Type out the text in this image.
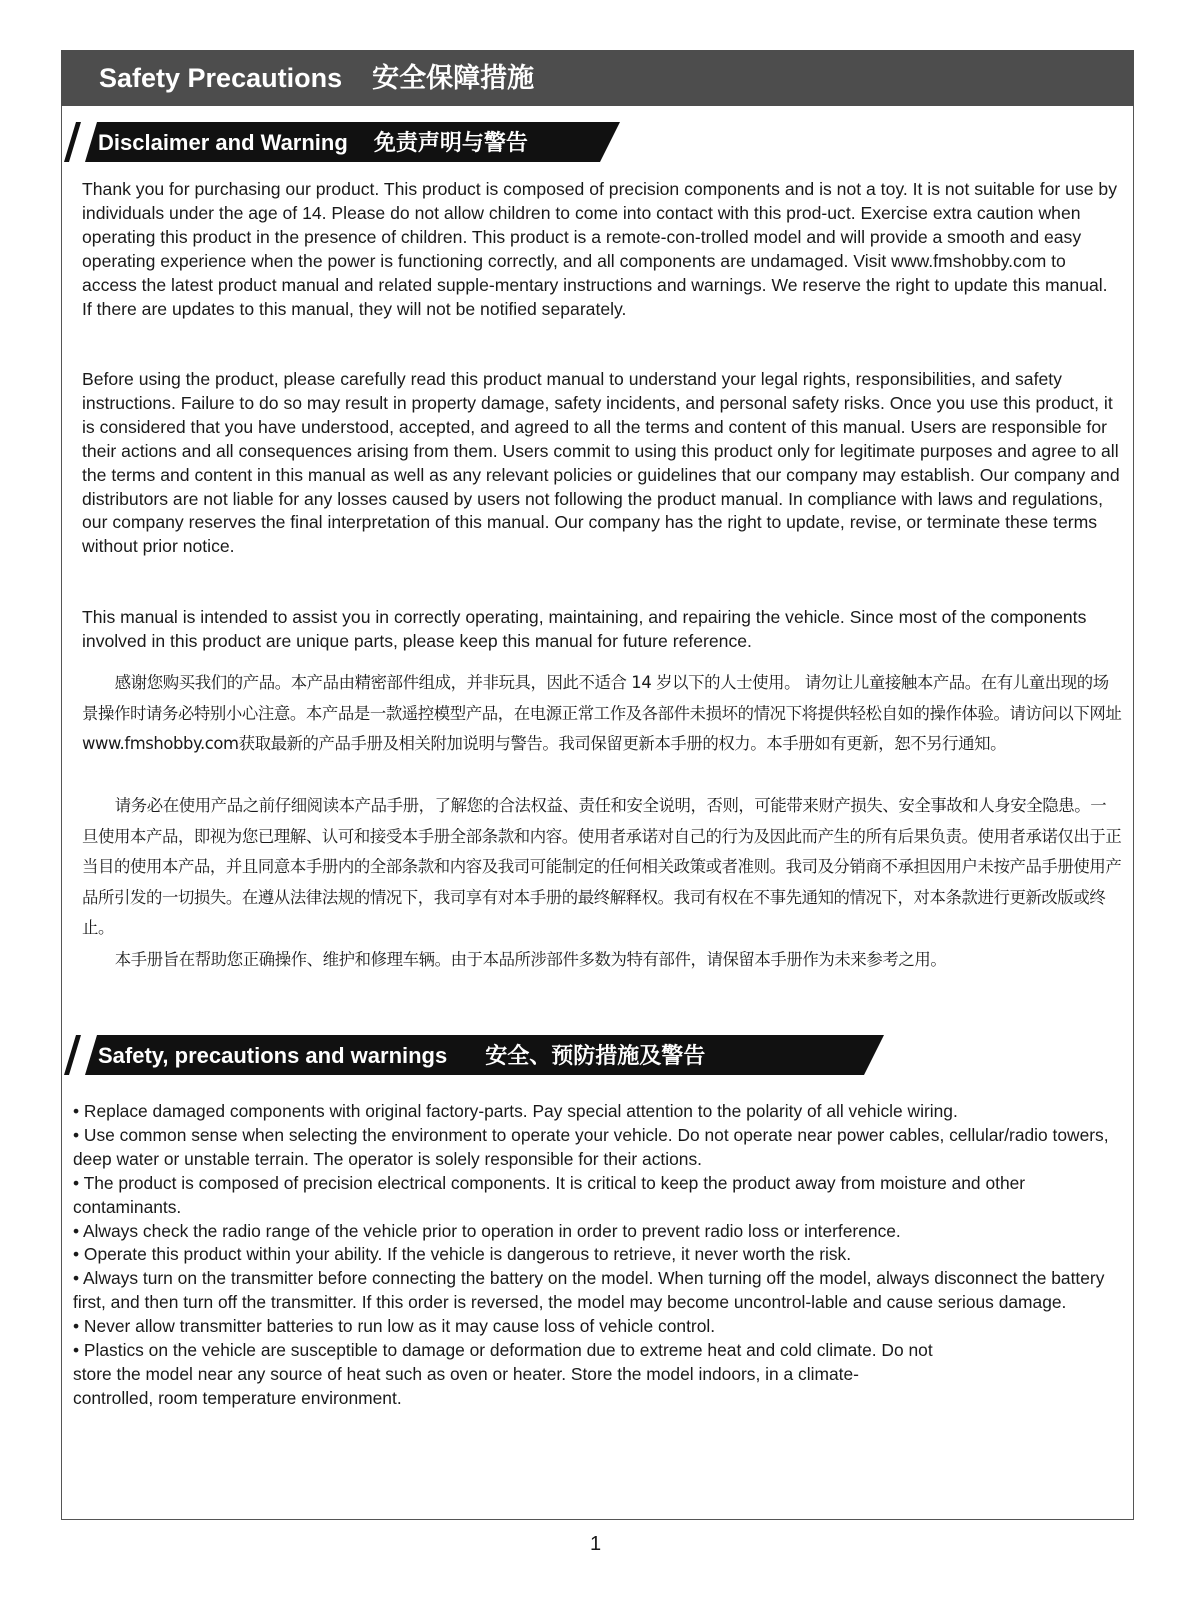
Safety Precautions 安全保障措施
Disclaimer and Warning 免责声明与警告

Thank you for purchasing our product. This product is composed of precision components and is not a toy. It is not suitable for use by individuals under the age of 14. Please do not allow children to come into contact with this prod-uct. Exercise extra caution when operating this product in the presence of children. This product is a remote-con-trolled model and will provide a smooth and easy operating experience when the power is functioning correctly, and all components are undamaged. Visit www.fmshobby.com to access the latest product manual and related supple-mentary instructions and warnings. We reserve the right to update this manual. If there are updates to this manual, they will not be notified separately.

Before using the product, please carefully read this product manual to understand your legal rights, responsibilities, and safety instructions. Failure to do so may result in property damage, safety incidents, and personal safety risks. Once you use this product, it is considered that you have understood, accepted, and agreed to all the terms and content of this manual. Users are responsible for their actions and all consequences arising from them. Users commit to using this product only for legitimate purposes and agree to all the terms and content in this manual as well as any relevant policies or guidelines that our company may establish. Our company and distributors are not liable for any losses caused by users not following the product manual. In compliance with laws and regulations, our company reserves the final interpretation of this manual. Our company has the right to update, revise, or terminate these terms without prior notice.

This manual is intended to assist you in correctly operating, maintaining, and repairing the vehicle. Since most of the components involved in this product are unique parts, please keep this manual for future reference.

感谢您购买我们的产品。本产品由精密部件组成，并非玩具，因此不适合 14 岁以下的人士使用。 请勿让儿童接触本产品。在有儿童出现的场景操作时请务必特别小心注意。本产品是一款遥控模型产品，在电源正常工作及各部件未损坏的情况下将提供轻松自如的操作体验。请访问以下网址www.fmshobby.com获取最新的产品手册及相关附加说明与警告。我司保留更新本手册的权力。本手册如有更新，恕不另行通知。

请务必在使用产品之前仔细阅读本产品手册，了解您的合法权益、责任和安全说明，否则，可能带来财产损失、安全事故和人身安全隐患。一旦使用本产品，即视为您已理解、认可和接受本手册全部条款和内容。使用者承诺对自己的行为及因此而产生的所有后果负责。使用者承诺仅出于正当目的使用本产品，并且同意本手册内的全部条款和内容及我司可能制定的任何相关政策或者准则。我司及分销商不承担因用户未按产品手册使用产品所引发的一切损失。在遵从法律法规的情况下，我司享有对本手册的最终解释权。我司有权在不事先通知的情况下，对本条款进行更新改版或终止。

本手册旨在帮助您正确操作、维护和修理车辆。由于本品所涉部件多数为特有部件，请保留本手册作为未来参考之用。

Safety, precautions and warnings 安全、预防措施及警告
• Replace damaged components with original factory-parts. Pay special attention to the polarity of all vehicle wiring.
• Use common sense when selecting the environment to operate your vehicle. Do not operate near power cables, cellular/radio towers, deep water or unstable terrain. The operator is solely responsible for their actions.
• The product is composed of precision electrical components. It is critical to keep the product away from moisture and other contaminants.
• Always check the radio range of the vehicle prior to operation in order to prevent radio loss or interference.
• Operate this product within your ability. If the vehicle is dangerous to retrieve, it never worth the risk.
• Always turn on the transmitter before connecting the battery on the model. When turning off the model, always disconnect the battery first, and then turn off the transmitter. If this order is reversed, the model may become uncontrol-lable and cause serious damage.
• Never allow transmitter batteries to run low as it may cause loss of vehicle control.
• Plastics on the vehicle are susceptible to damage or deformation due to extreme heat and cold climate. Do not store the model near any source of heat such as oven or heater. Store the model indoors, in a climate-controlled, room temperature environment.
1
